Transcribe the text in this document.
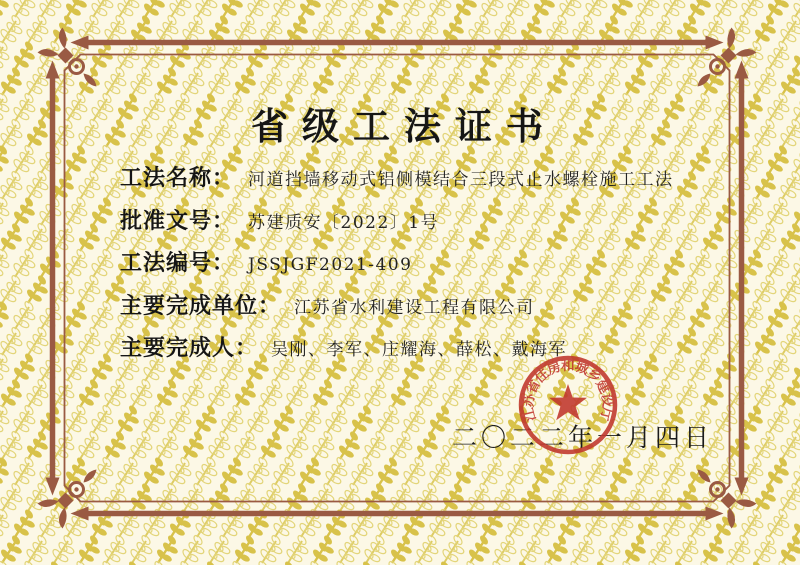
省级工法证书
工法名称： 河道挡墙移动式铝侧模结合三段式止水螺栓施工工法
批准文号： 苏建质安〔2022〕1号
工法编号： JSSJGF2021-409
主要完成单位： 江苏省水利建设工程有限公司
主要完成人： 吴刚、李军、庄耀海、薛松、戴海军
二〇二二年一月四日
江苏省住房和城乡建设厅
